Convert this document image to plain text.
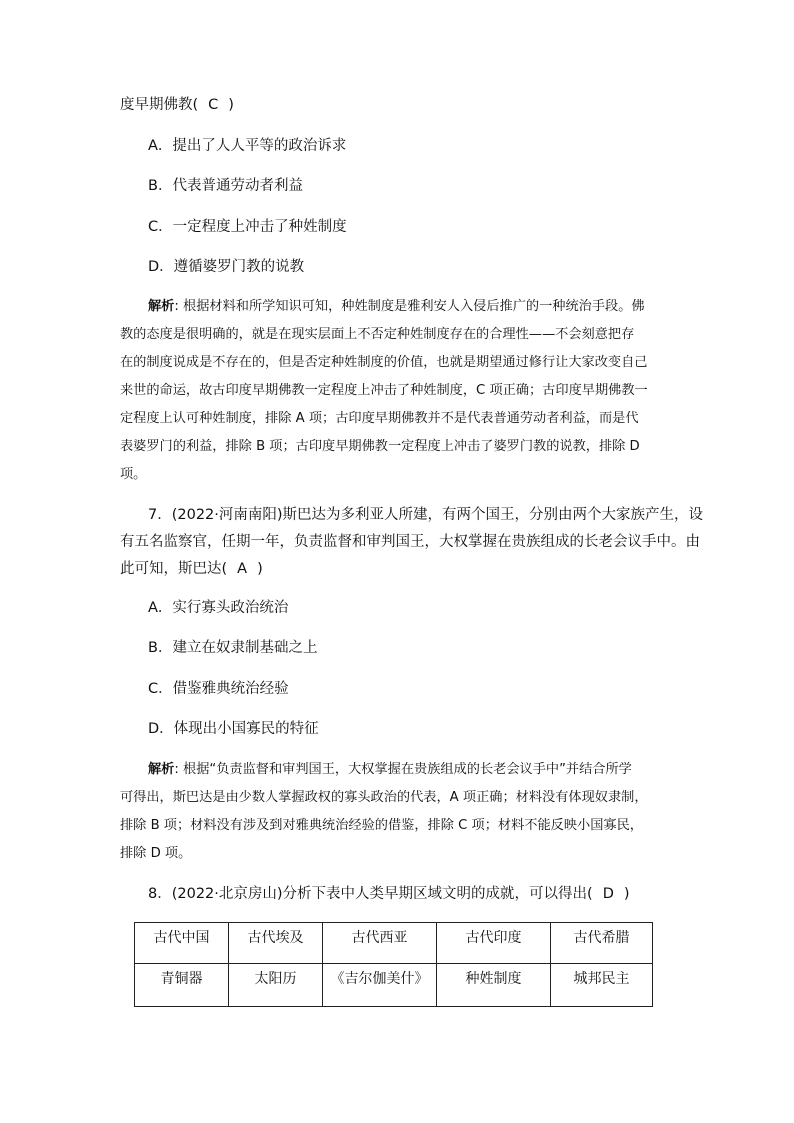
度早期佛教( C )
A．提出了人人平等的政治诉求
B．代表普通劳动者利益
C．一定程度上冲击了种姓制度
D．遵循婆罗门教的说教
解析: 根据材料和所学知识可知，种姓制度是雅利安人入侵后推广的一种统治手段。佛
教的态度是很明确的，就是在现实层面上不否定种姓制度存在的合理性——不会刻意把存
在的制度说成是不存在的，但是否定种姓制度的价值，也就是期望通过修行让大家改变自己
来世的命运，故古印度早期佛教一定程度上冲击了种姓制度，C 项正确；古印度早期佛教一
定程度上认可种姓制度，排除 A 项；古印度早期佛教并不是代表普通劳动者利益，而是代
表婆罗门的利益，排除 B 项；古印度早期佛教一定程度上冲击了婆罗门教的说教，排除 D
项。
7．(2022·河南南阳)斯巴达为多利亚人所建，有两个国王，分别由两个大家族产生，设
有五名监察官，任期一年，负责监督和审判国王，大权掌握在贵族组成的长老会议手中。由
此可知，斯巴达( A )
A．实行寡头政治统治
B．建立在奴隶制基础之上
C．借鉴雅典统治经验
D．体现出小国寡民的特征
解析: 根据“负责监督和审判国王，大权掌握在贵族组成的长老会议手中”并结合所学
可得出，斯巴达是由少数人掌握政权的寡头政治的代表，A 项正确；材料没有体现奴隶制，
排除 B 项；材料没有涉及到对雅典统治经验的借鉴，排除 C 项；材料不能反映小国寡民，
排除 D 项。
8．(2022·北京房山)分析下表中人类早期区域文明的成就，可以得出( D )
古代中国	古代埃及	古代西亚	古代印度	古代希腊
青铜器	太阳历	《吉尔伽美什》	种姓制度	城邦民主
